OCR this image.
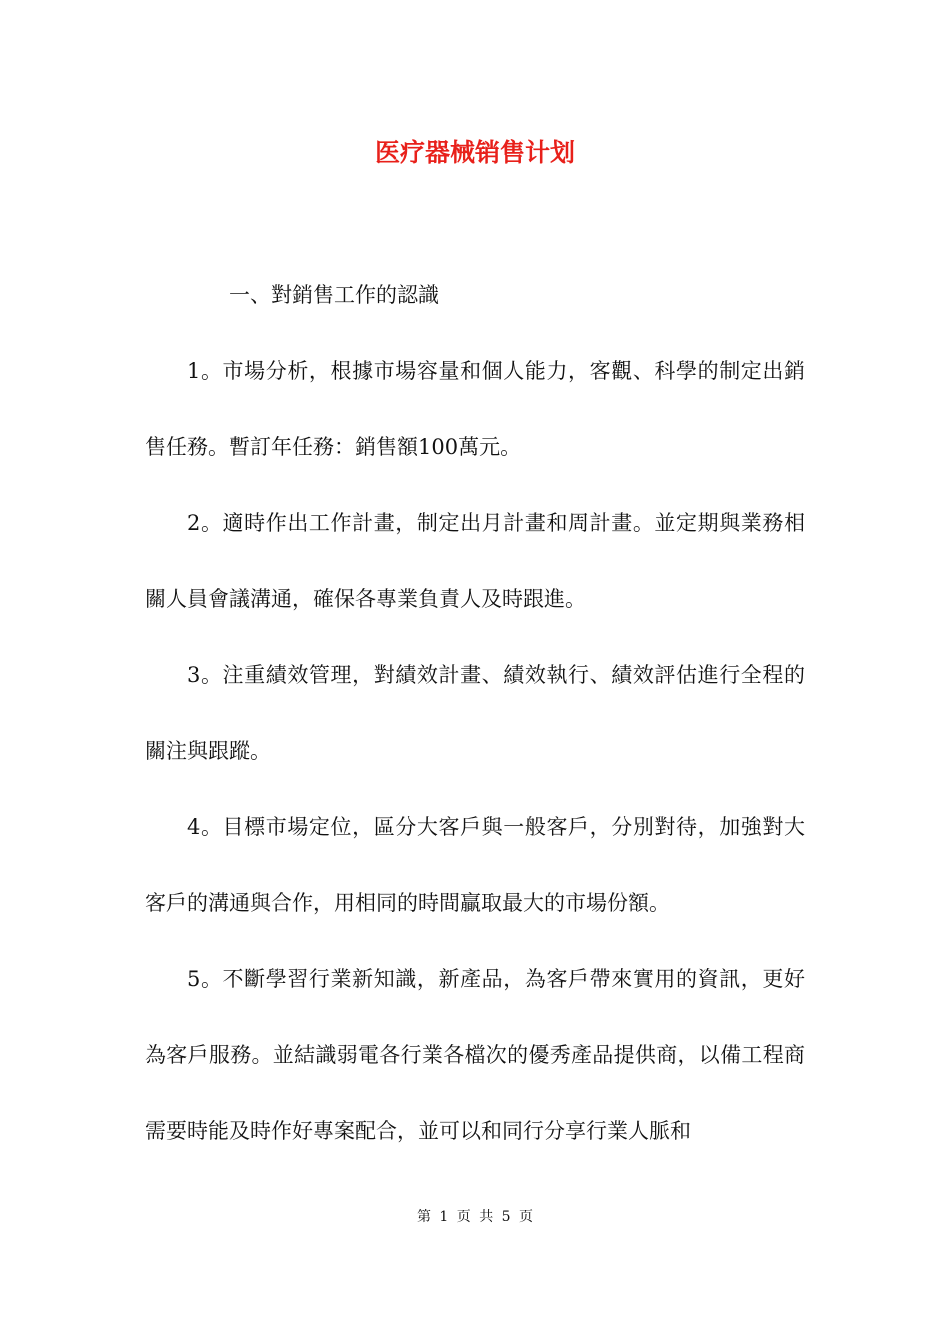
医疗器械销售计划

一、對銷售工作的認識

1。市場分析，根據市場容量和個人能力，客觀、科學的制定出銷售任務。暫訂年任務：銷售額100萬元。

2。適時作出工作計畫，制定出月計畫和周計畫。並定期與業務相關人員會議溝通，確保各專業負責人及時跟進。

3。注重績效管理，對績效計畫、績效執行、績效評估進行全程的關注與跟蹤。

4。目標市場定位，區分大客戶與一般客戶，分別對待，加強對大客戶的溝通與合作，用相同的時間贏取最大的市場份額。

5。不斷學習行業新知識，新產品，為客戶帶來實用的資訊，更好為客戶服務。並結識弱電各行業各檔次的優秀產品提供商，以備工程商需要時能及時作好專案配合，並可以和同行分享行業人脈和

第 1 页 共 5 页
